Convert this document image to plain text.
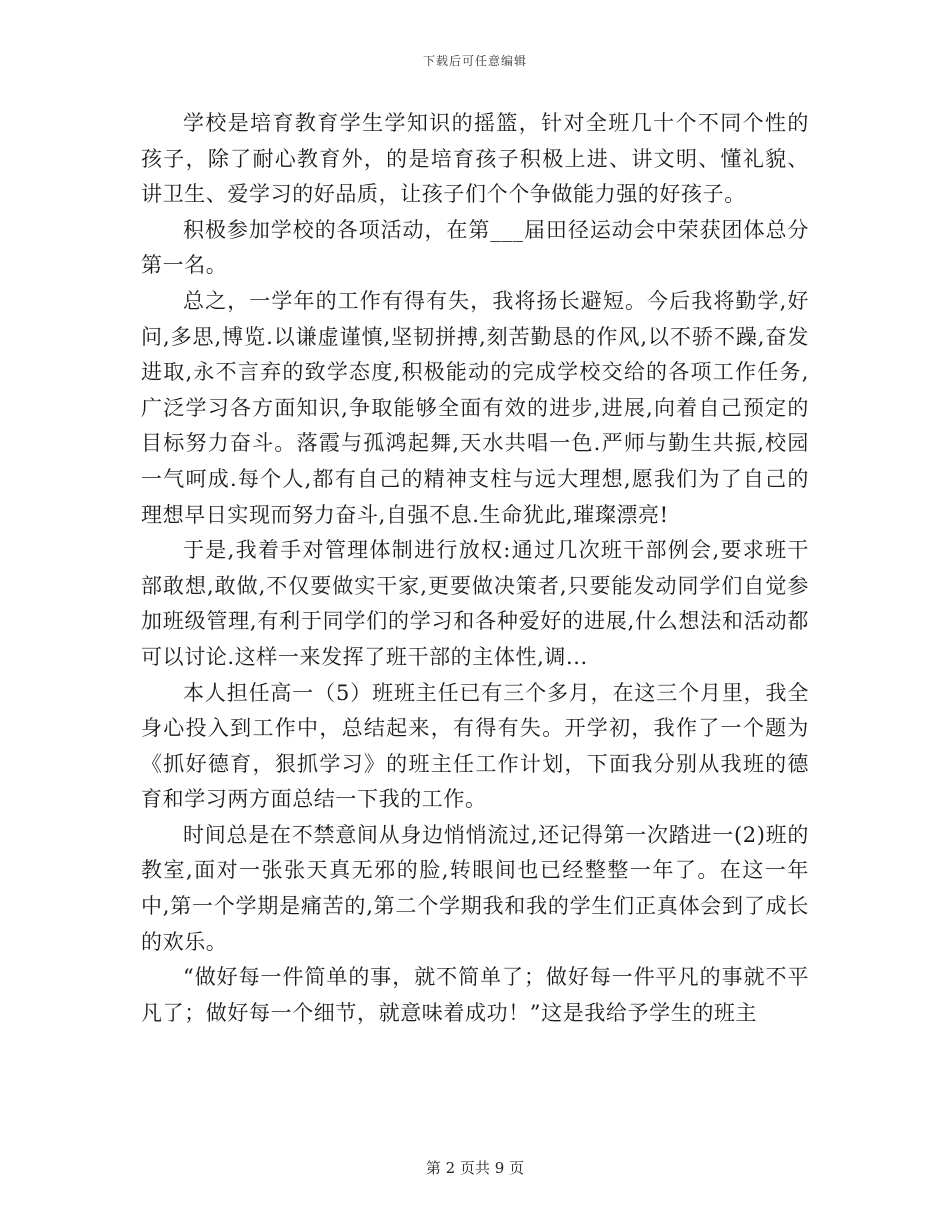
下载后可任意编辑

学校是培育教育学生学知识的摇篮，针对全班几十个不同个性的孩子，除了耐心教育外，的是培育孩子积极上进、讲文明、懂礼貌、讲卫生、爱学习的好品质，让孩子们个个争做能力强的好孩子。

积极参加学校的各项活动，在第___届田径运动会中荣获团体总分第一名。

总之，一学年的工作有得有失，我将扬长避短。今后我将勤学,好问,多思,博览.以谦虚谨慎,坚韧拼搏,刻苦勤恳的作风,以不骄不躁,奋发进取,永不言弃的致学态度,积极能动的完成学校交给的各项工作任务,广泛学习各方面知识,争取能够全面有效的进步,进展,向着自己预定的目标努力奋斗。落霞与孤鸿起舞,天水共唱一色.严师与勤生共振,校园一气呵成.每个人,都有自己的精神支柱与远大理想,愿我们为了自己的理想早日实现而努力奋斗,自强不息.生命犹此,璀璨漂亮!

于是,我着手对管理体制进行放权:通过几次班干部例会,要求班干部敢想,敢做,不仅要做实干家,更要做决策者,只要能发动同学们自觉参加班级管理,有利于同学们的学习和各种爱好的进展,什么想法和活动都可以讨论.这样一来发挥了班干部的主体性,调...

本人担任高一（5）班班主任已有三个多月，在这三个月里，我全身心投入到工作中，总结起来，有得有失。开学初，我作了一个题为《抓好德育，狠抓学习》的班主任工作计划，下面我分别从我班的德育和学习两方面总结一下我的工作。

时间总是在不禁意间从身边悄悄流过,还记得第一次踏进一(2)班的教室,面对一张张天真无邪的脸,转眼间也已经整整一年了。在这一年中,第一个学期是痛苦的,第二个学期我和我的学生们正真体会到了成长的欢乐。

“做好每一件简单的事，就不简单了；做好每一件平凡的事就不平凡了；做好每一个细节，就意味着成功！”这是我给予学生的班主

第 2 页共 9 页
